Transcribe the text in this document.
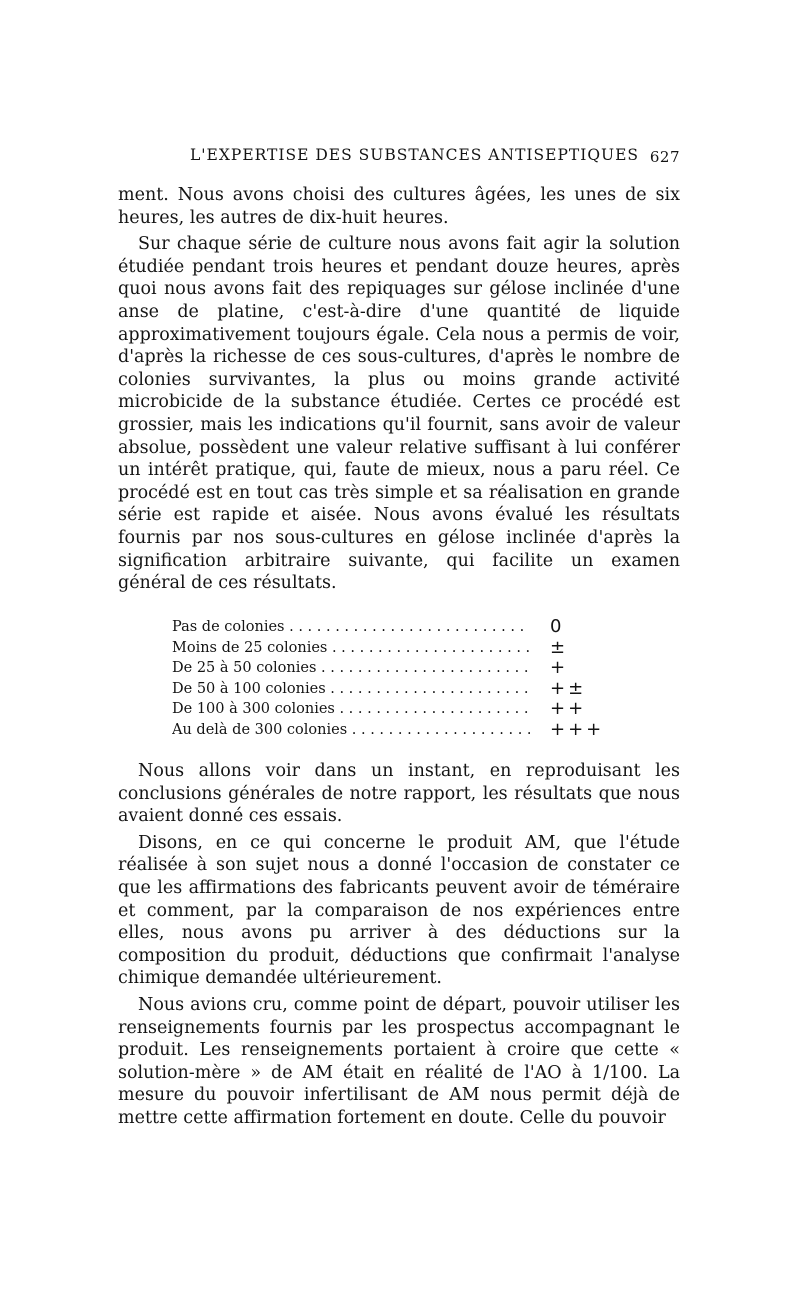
L'EXPERTISE DES SUBSTANCES ANTISEPTIQUES 627

ment. Nous avons choisi des cultures âgées, les unes de six heures, les autres de dix-huit heures.

Sur chaque série de culture nous avons fait agir la solution étudiée pendant trois heures et pendant douze heures, après quoi nous avons fait des repiquages sur gélose inclinée d'une anse de platine, c'est-à-dire d'une quantité de liquide approximativement toujours égale. Cela nous a permis de voir, d'après la richesse de ces sous-cultures, d'après le nombre de colonies survivantes, la plus ou moins grande activité microbicide de la substance étudiée. Certes ce procédé est grossier, mais les indications qu'il fournit, sans avoir de valeur absolue, possèdent une valeur relative suffisant à lui conférer un intérêt pratique, qui, faute de mieux, nous a paru réel. Ce procédé est en tout cas très simple et sa réalisation en grande série est rapide et aisée. Nous avons évalué les résultats fournis par nos sous-cultures en gélose inclinée d'après la signification arbitraire suivante, qui facilite un examen général de ces résultats.

Pas de colonies . . .	0
Moins de 25 colonies . . .	±
De 25 à 50 colonies . . .	+
De 50 à 100 colonies . . .	+±
De 100 à 300 colonies . . .	++
Au delà de 300 colonies . . .	+++

Nous allons voir dans un instant, en reproduisant les conclusions générales de notre rapport, les résultats que nous avaient donné ces essais.

Disons, en ce qui concerne le produit AM, que l'étude réalisée à son sujet nous a donné l'occasion de constater ce que les affirmations des fabricants peuvent avoir de téméraire et comment, par la comparaison de nos expériences entre elles, nous avons pu arriver à des déductions sur la composition du produit, déductions que confirmait l'analyse chimique demandée ultérieurement.

Nous avions cru, comme point de départ, pouvoir utiliser les renseignements fournis par les prospectus accompagnant le produit. Les renseignements portaient à croire que cette « solution-mère » de AM était en réalité de l'AO à 1/100. La mesure du pouvoir infertilisant de AM nous permit déjà de mettre cette affirmation fortement en doute. Celle du pouvoir
